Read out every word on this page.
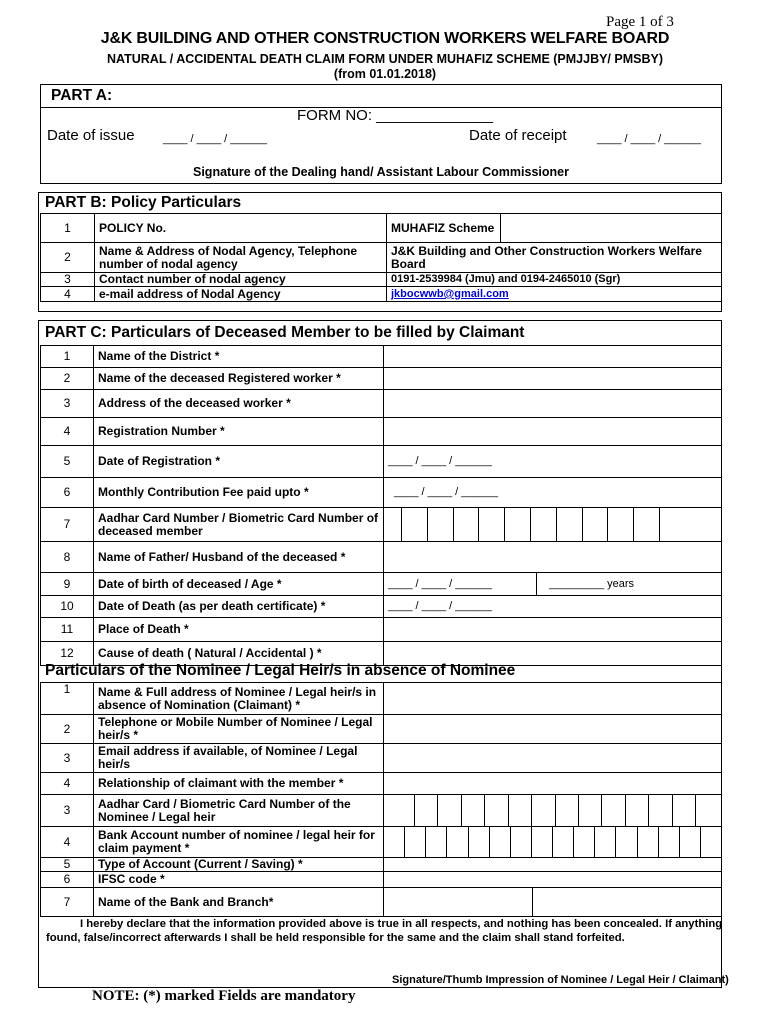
Page 1 of 3
J&K BUILDING AND OTHER CONSTRUCTION WORKERS WELFARE BOARD
NATURAL / ACCIDENTAL DEATH CLAIM FORM UNDER MUHAFIZ SCHEME (PMJJBY/ PMSBY)
(from 01.01.2018)
PART A:
FORM NO: ______________
Date of issue	____ / ____ / ______	Date of receipt	____ / ____ / ______
Signature of the Dealing hand/ Assistant Labour Commissioner
PART B: Policy Particulars
1	POLICY No.	MUHAFIZ Scheme	
2	Name & Address of Nodal Agency, Telephone number of nodal agency	J&K Building and Other Construction Workers Welfare Board	
3	Contact number of nodal agency	0191-2539984 (Jmu) and 0194-2465010 (Sgr)	
4	e-mail address of Nodal Agency	jkbocwwb@gmail.com	
PART C: Particulars of Deceased Member to be filled by Claimant
1	Name of the District *	
2	Name of the deceased Registered worker *	
3	Address of the deceased worker *	
4	Registration Number *	
5	Date of Registration *	____ / ____ / ______
6	Monthly Contribution Fee paid upto *	____ / ____ / ______
7	Aadhar Card Number / Biometric Card Number of deceased member	

8	Name of Father/ Husband of the deceased *	
9	Date of birth of deceased / Age *	____ / ____ / ______ _________ years

10	Date of Death (as per death certificate) *	____ / ____ / ______
11	Place of Death *	
12	Cause of death ( Natural / Accidental ) *	
Particulars of the Nominee / Legal Heir/s in absence of Nominee
1	Name & Full address of Nominee / Legal heir/s in absence of Nomination (Claimant) *	
2	Telephone or Mobile Number of Nominee / Legal heir/s *	
3	Email address if available, of Nominee / Legal heir/s	
4	Relationship of claimant with the member *	
3	Aadhar Card / Biometric Card Number of the Nominee / Legal heir	

4	Bank Account number of nominee / legal heir for claim payment *	

5	Type of Account (Current / Saving) *	
6	IFSC code *	
7	Name of the Bank and Branch*	
I hereby declare that the information provided above is true in all respects, and nothing has been concealed. If anything
found, false/incorrect afterwards I shall be held responsible for the same and the claim shall stand forfeited.
Signature/Thumb Impression of Nominee / Legal Heir / Claimant)
NOTE: (*) marked Fields are mandatory
